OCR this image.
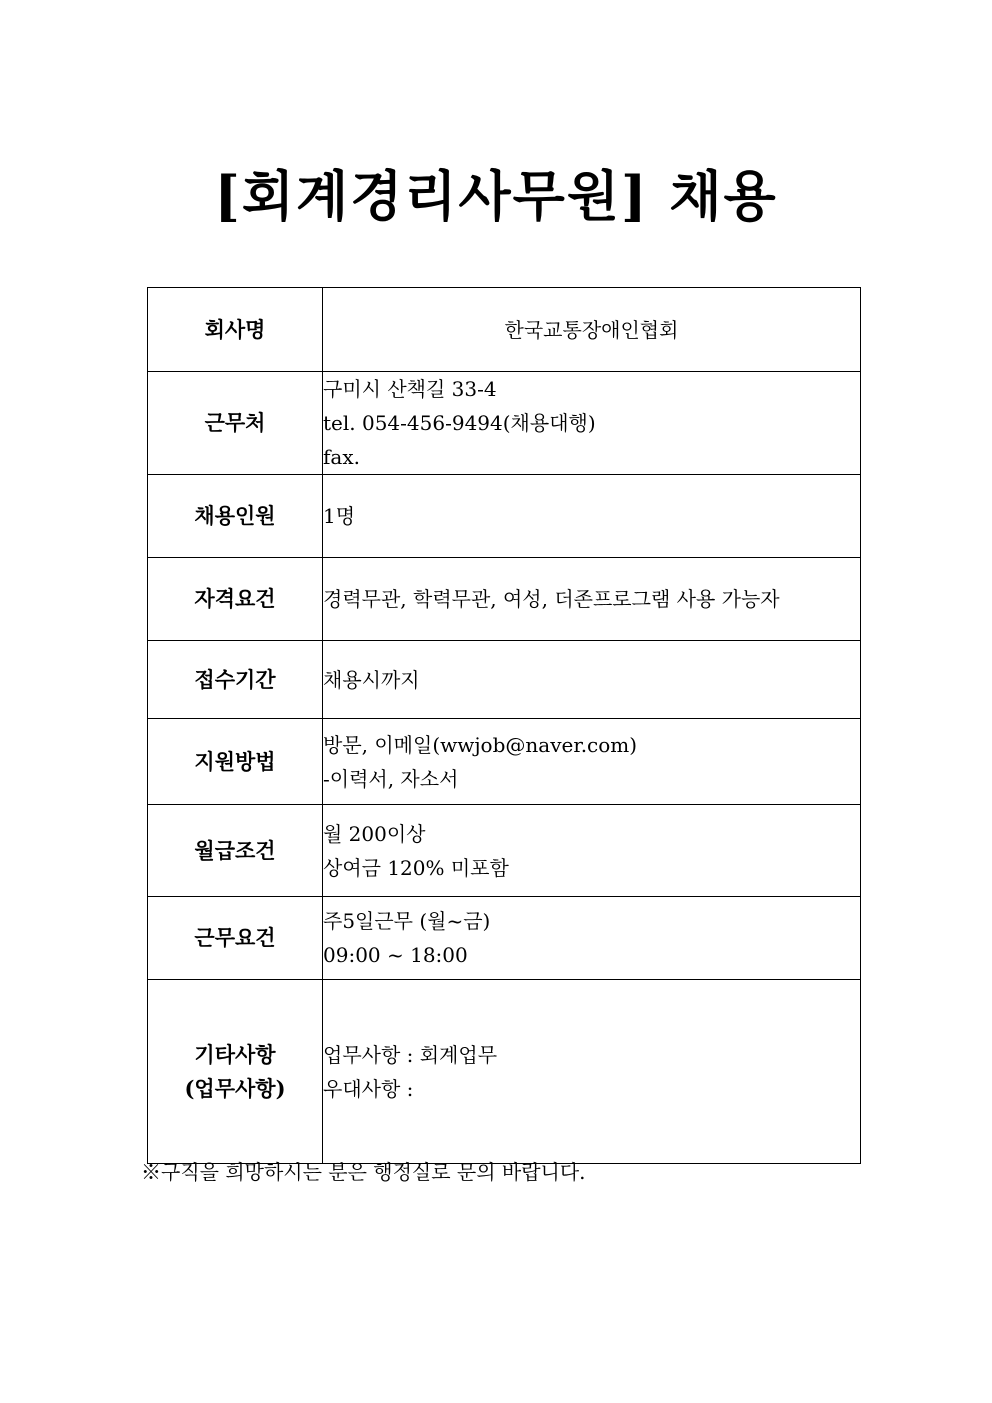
[회계경리사무원] 채용
회사명	한국교통장애인협회

근무처	구미시 산책길 33-4
tel. 054-456-9494(채용대행)
fax.

채용인원	1명

자격요건	경력무관, 학력무관, 여성, 더존프로그램 사용 가능자

접수기간	채용시까지

지원방법	방문, 이메일(wwjob@naver.com)
-이력서, 자소서

월급조건	월 200이상
상여금 120% 미포함

근무요건	주5일근무 (월~금)
09:00 ~ 18:00

기타사항
(업무사항)	업무사항 : 회계업무
우대사항 :
※구직을 희망하시는 분은 행정실로 문의 바랍니다.
